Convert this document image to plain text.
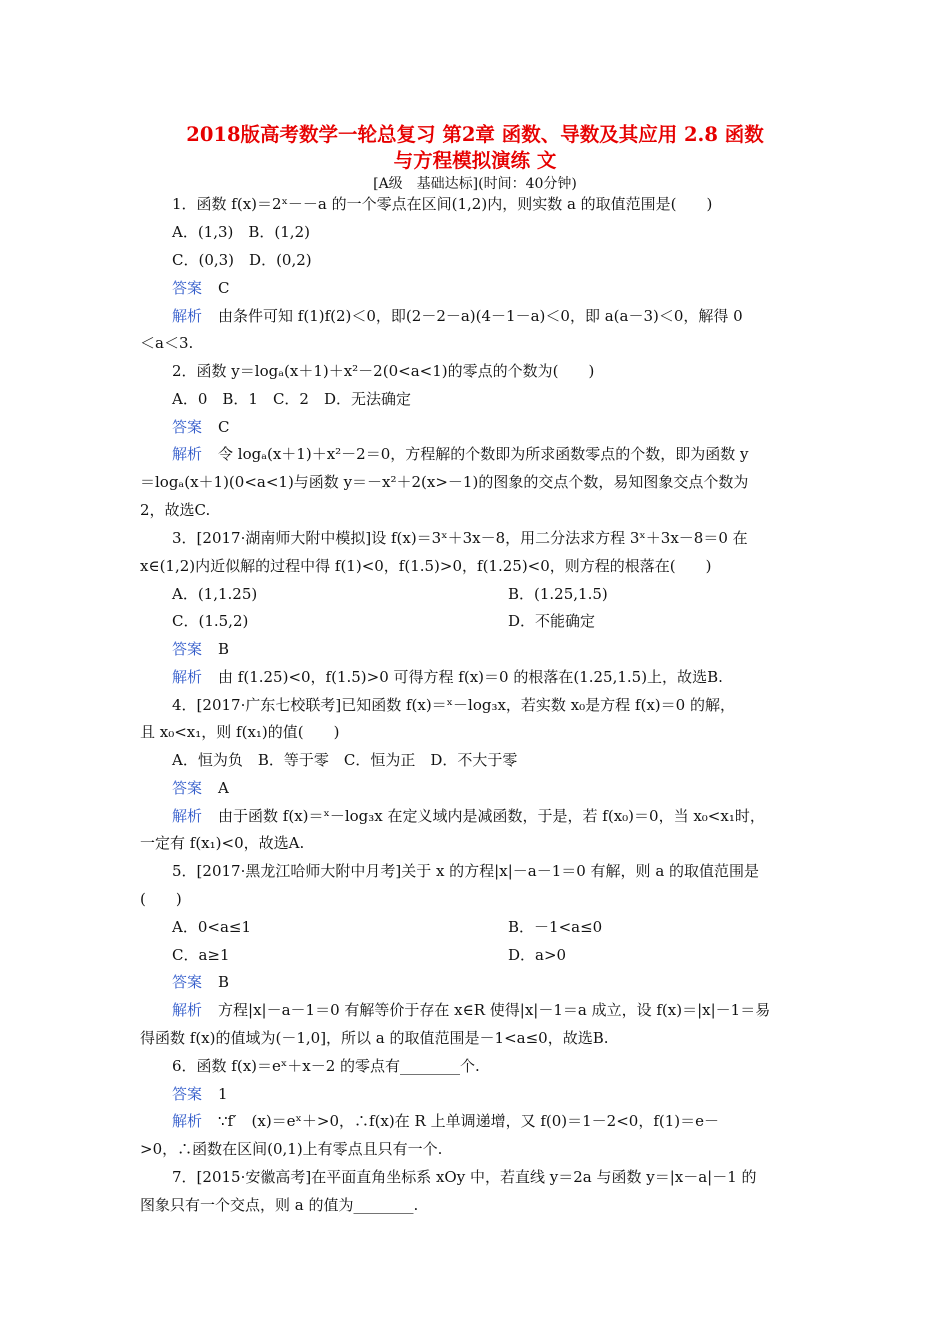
2018版高考数学一轮总复习 第2章 函数、导数及其应用 2.8 函数
与方程模拟演练 文
[A级　基础达标](时间：40分钟)
1．函数 f(x)＝2ˣ－－a 的一个零点在区间(1,2)内，则实数 a 的取值范围是(　　)
A．(1,3)　B．(1,2)
C．(0,3)　D．(0,2)
答案 C
解析 由条件可知 f(1)f(2)＜0，即(2－2－a)(4－1－a)＜0，即 a(a－3)＜0，解得 0
＜a＜3.
2．函数 y＝logₐ(x＋1)＋x²－2(0<a<1)的零点的个数为(　　)
A．0　B．1　C．2　D．无法确定
答案 C
解析 令 logₐ(x＋1)＋x²－2＝0，方程解的个数即为所求函数零点的个数，即为函数 y
＝logₐ(x＋1)(0<a<1)与函数 y＝－x²＋2(x>－1)的图象的交点个数，易知图象交点个数为
2，故选C.
3．[2017·湖南师大附中模拟]设 f(x)＝3ˣ＋3x－8，用二分法求方程 3ˣ＋3x－8＝0 在
x∈(1,2)内近似解的过程中得 f(1)<0，f(1.5)>0，f(1.25)<0，则方程的根落在(　　)
A．(1,1.25)	B．(1.25,1.5)
C．(1.5,2)	D．不能确定
答案 B
解析 由 f(1.25)<0，f(1.5)>0 可得方程 f(x)＝0 的根落在(1.25,1.5)上，故选B.
4．[2017·广东七校联考]已知函数 f(x)＝ˣ－log₃x，若实数 x₀是方程 f(x)＝0 的解，
且 x₀<x₁，则 f(x₁)的值(　　)
A．恒为负　B．等于零　C．恒为正　D．不大于零
答案 A
解析 由于函数 f(x)＝ˣ－log₃x 在定义域内是减函数，于是，若 f(x₀)＝0，当 x₀<x₁时，
一定有 f(x₁)<0，故选A.
5．[2017·黑龙江哈师大附中月考]关于 x 的方程|x|－a－1＝0 有解，则 a 的取值范围是
(　　)
A．0<a≤1	B．－1<a≤0
C．a≥1	D．a>0
答案 B
解析 方程|x|－a－1＝0 有解等价于存在 x∈R 使得|x|－1＝a 成立，设 f(x)＝|x|－1＝易
得函数 f(x)的值域为(－1,0]，所以 a 的取值范围是－1<a≤0，故选B.
6．函数 f(x)＝eˣ＋x－2 的零点有________个.
答案 1
解析 ∵f′　(x)＝eˣ＋>0，∴f(x)在 R 上单调递增，又 f(0)＝1－2<0，f(1)＝e－
>0，∴函数在区间(0,1)上有零点且只有一个.
7．[2015·安徽高考]在平面直角坐标系 xOy 中，若直线 y＝2a 与函数 y＝|x－a|－1 的
图象只有一个交点，则 a 的值为________.
